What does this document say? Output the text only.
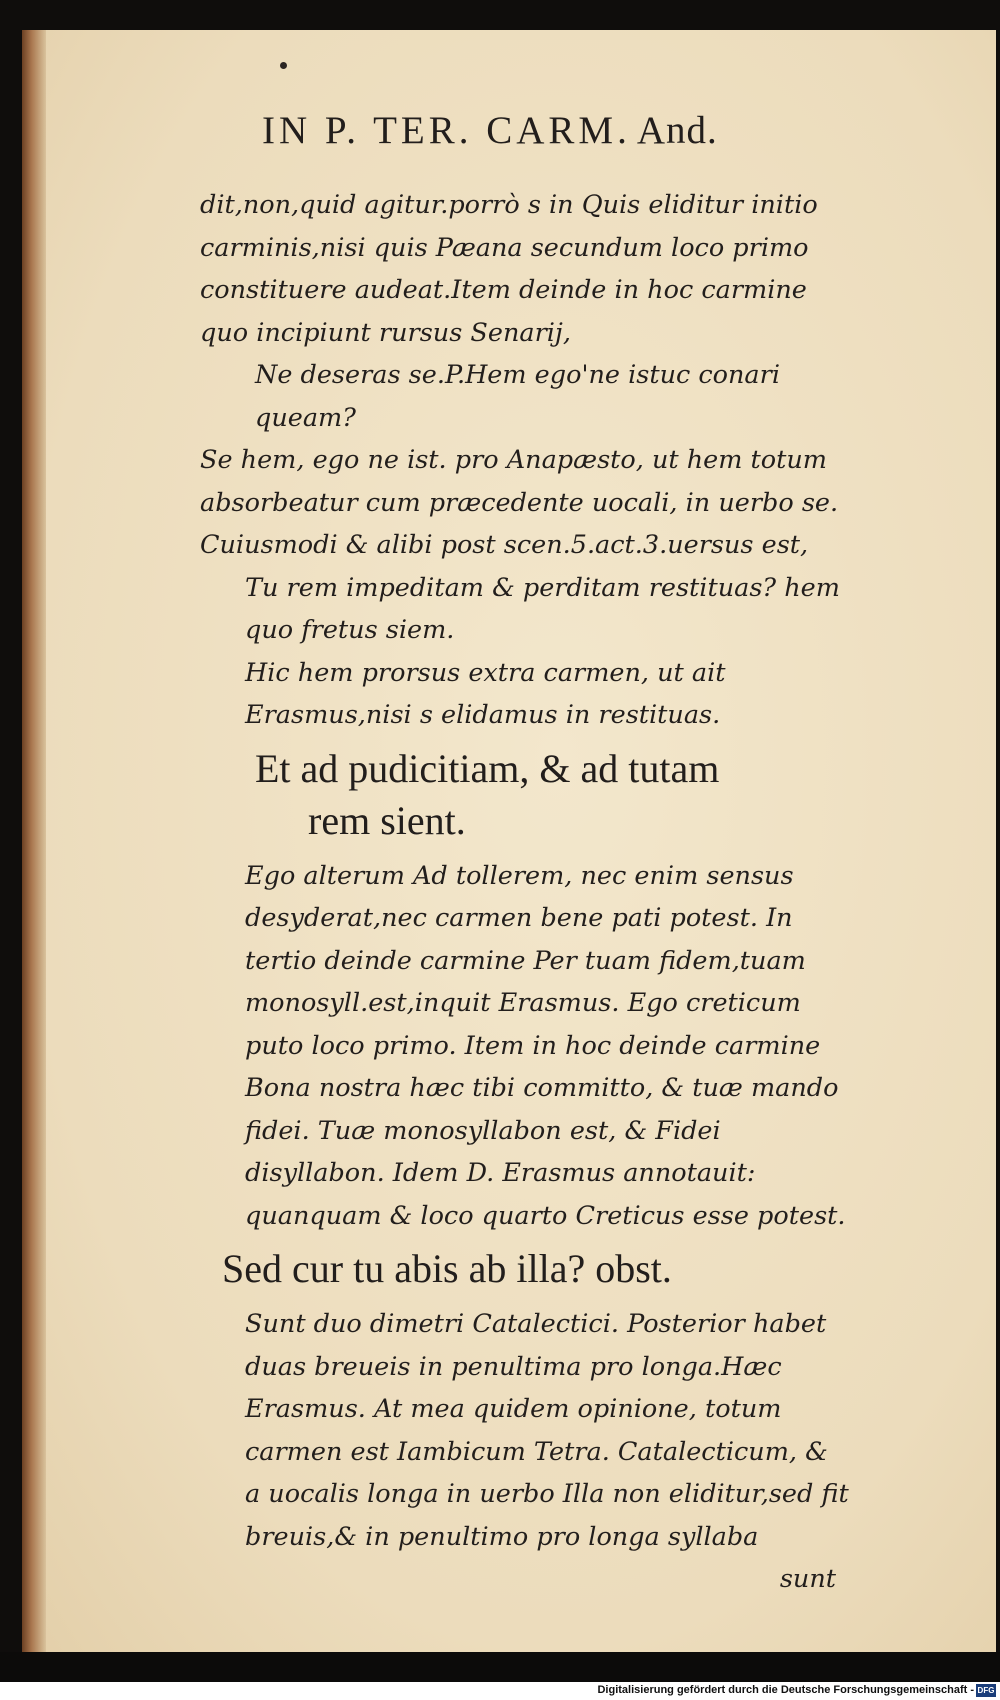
IN P. TER. CARM. And.

dit,non,quid agitur.porrò s in Quis eliditur initio carminis,nisi quis Pæana secundum loco primo constituere audeat.Item deinde in hoc carmine quo incipiunt rursus Senarij,

Ne deseras se.P.Hem ego'ne istuc conari queam?

Se hem, ego ne ist. pro Anapæsto, ut hem totum absorbeatur cum præcedente uocali, in uerbo se. Cuiusmodi & alibi post scen.5.act.3.uersus est,

Tu rem impeditam & perditam restituas? hem quo fretus siem.

Hic hem prorsus extra carmen, ut ait Erasmus,nisi s elidamus in restituas.

Et ad pudicitiam, & ad tutam
rem sient.

Ego alterum Ad tollerem, nec enim sensus desyderat,nec carmen bene pati potest. In tertio deinde carmine Per tuam fidem,tuam monosyll.est,inquit Erasmus. Ego creticum puto loco primo. Item in hoc deinde carmine Bona nostra hæc tibi committo, & tuæ mando fidei. Tuæ monosyllabon est, & Fidei disyllabon. Idem D. Erasmus annotauit: quanquam & loco quarto Creticus esse potest.

Sed cur tu abis ab illa? obst.

Sunt duo dimetri Catalectici. Posterior habet duas breueis in penultima pro longa.Hæc Erasmus. At mea quidem opinione, totum carmen est Iambicum Tetra. Catalecticum, & a uocalis longa in uerbo Illa non eliditur,sed fit breuis,& in penultimo pro longa syllaba

sunt

Digitalisierung gefördert durch die Deutsche Forschungsgemeinschaft - DFG
